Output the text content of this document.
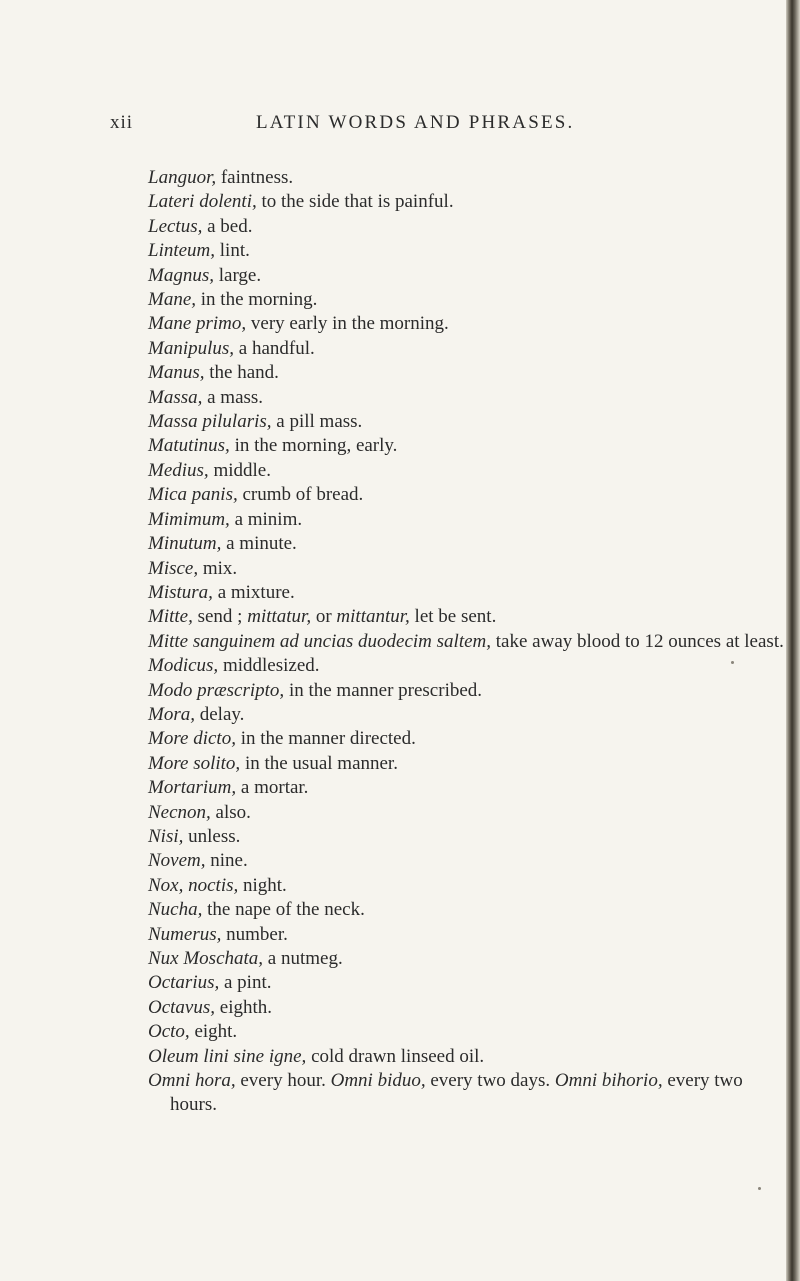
xii	LATIN WORDS AND PHRASES.
Languor, faintness.
Lateri dolenti, to the side that is painful.
Lectus, a bed.
Linteum, lint.
Magnus, large.
Mane, in the morning.
Mane primo, very early in the morning.
Manipulus, a handful.
Manus, the hand.
Massa, a mass.
Massa pilularis, a pill mass.
Matutinus, in the morning, early.
Medius, middle.
Mica panis, crumb of bread.
Mimimum, a minim.
Minutum, a minute.
Misce, mix.
Mistura, a mixture.
Mitte, send ; mittatur, or mittantur, let be sent.
Mitte sanguinem ad uncias duodecim saltem, take away blood to 12 ounces at least.
Modicus, middlesized.
Modo præscripto, in the manner prescribed.
Mora, delay.
More dicto, in the manner directed.
More solito, in the usual manner.
Mortarium, a mortar.
Necnon, also.
Nisi, unless.
Novem, nine.
Nox, noctis, night.
Nucha, the nape of the neck.
Numerus, number.
Nux Moschata, a nutmeg.
Octarius, a pint.
Octavus, eighth.
Octo, eight.
Oleum lini sine igne, cold drawn linseed oil.
Omni hora, every hour. Omni biduo, every two days. Omni bihorio, every two hours.
